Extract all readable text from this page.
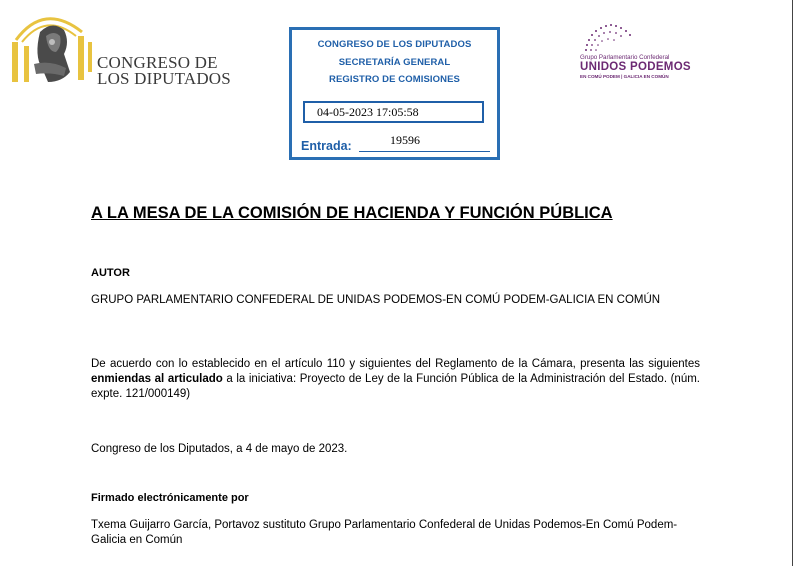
CONGRESO DE
LOS DIPUTADOS
CONGRESO DE LOS DIPUTADOS
SECRETARÍA GENERAL
REGISTRO DE COMISIONES
04-05-2023 17:05:58
Entrada:	19596
Grupo Parlamentario Confederal
UNIDOS PODEMOS
EN COMÚ PODEM | GALICIA EN COMÚN
A LA MESA DE LA COMISIÓN DE HACIENDA Y FUNCIÓN PÚBLICA
AUTOR
GRUPO PARLAMENTARIO CONFEDERAL DE UNIDAS PODEMOS-EN COMÚ PODEM-GALICIA EN COMÚN
De acuerdo con lo establecido en el artículo 110 y siguientes del Reglamento de la Cámara, presenta las siguientes enmiendas al articulado a la iniciativa: Proyecto de Ley de la Función Pública de la Administración del Estado. (núm. expte. 121/000149)
Congreso de los Diputados, a 4 de mayo de 2023.
Firmado electrónicamente por
Txema Guijarro García, Portavoz sustituto Grupo Parlamentario Confederal de Unidas Podemos-En Comú Podem-Galicia en Común
